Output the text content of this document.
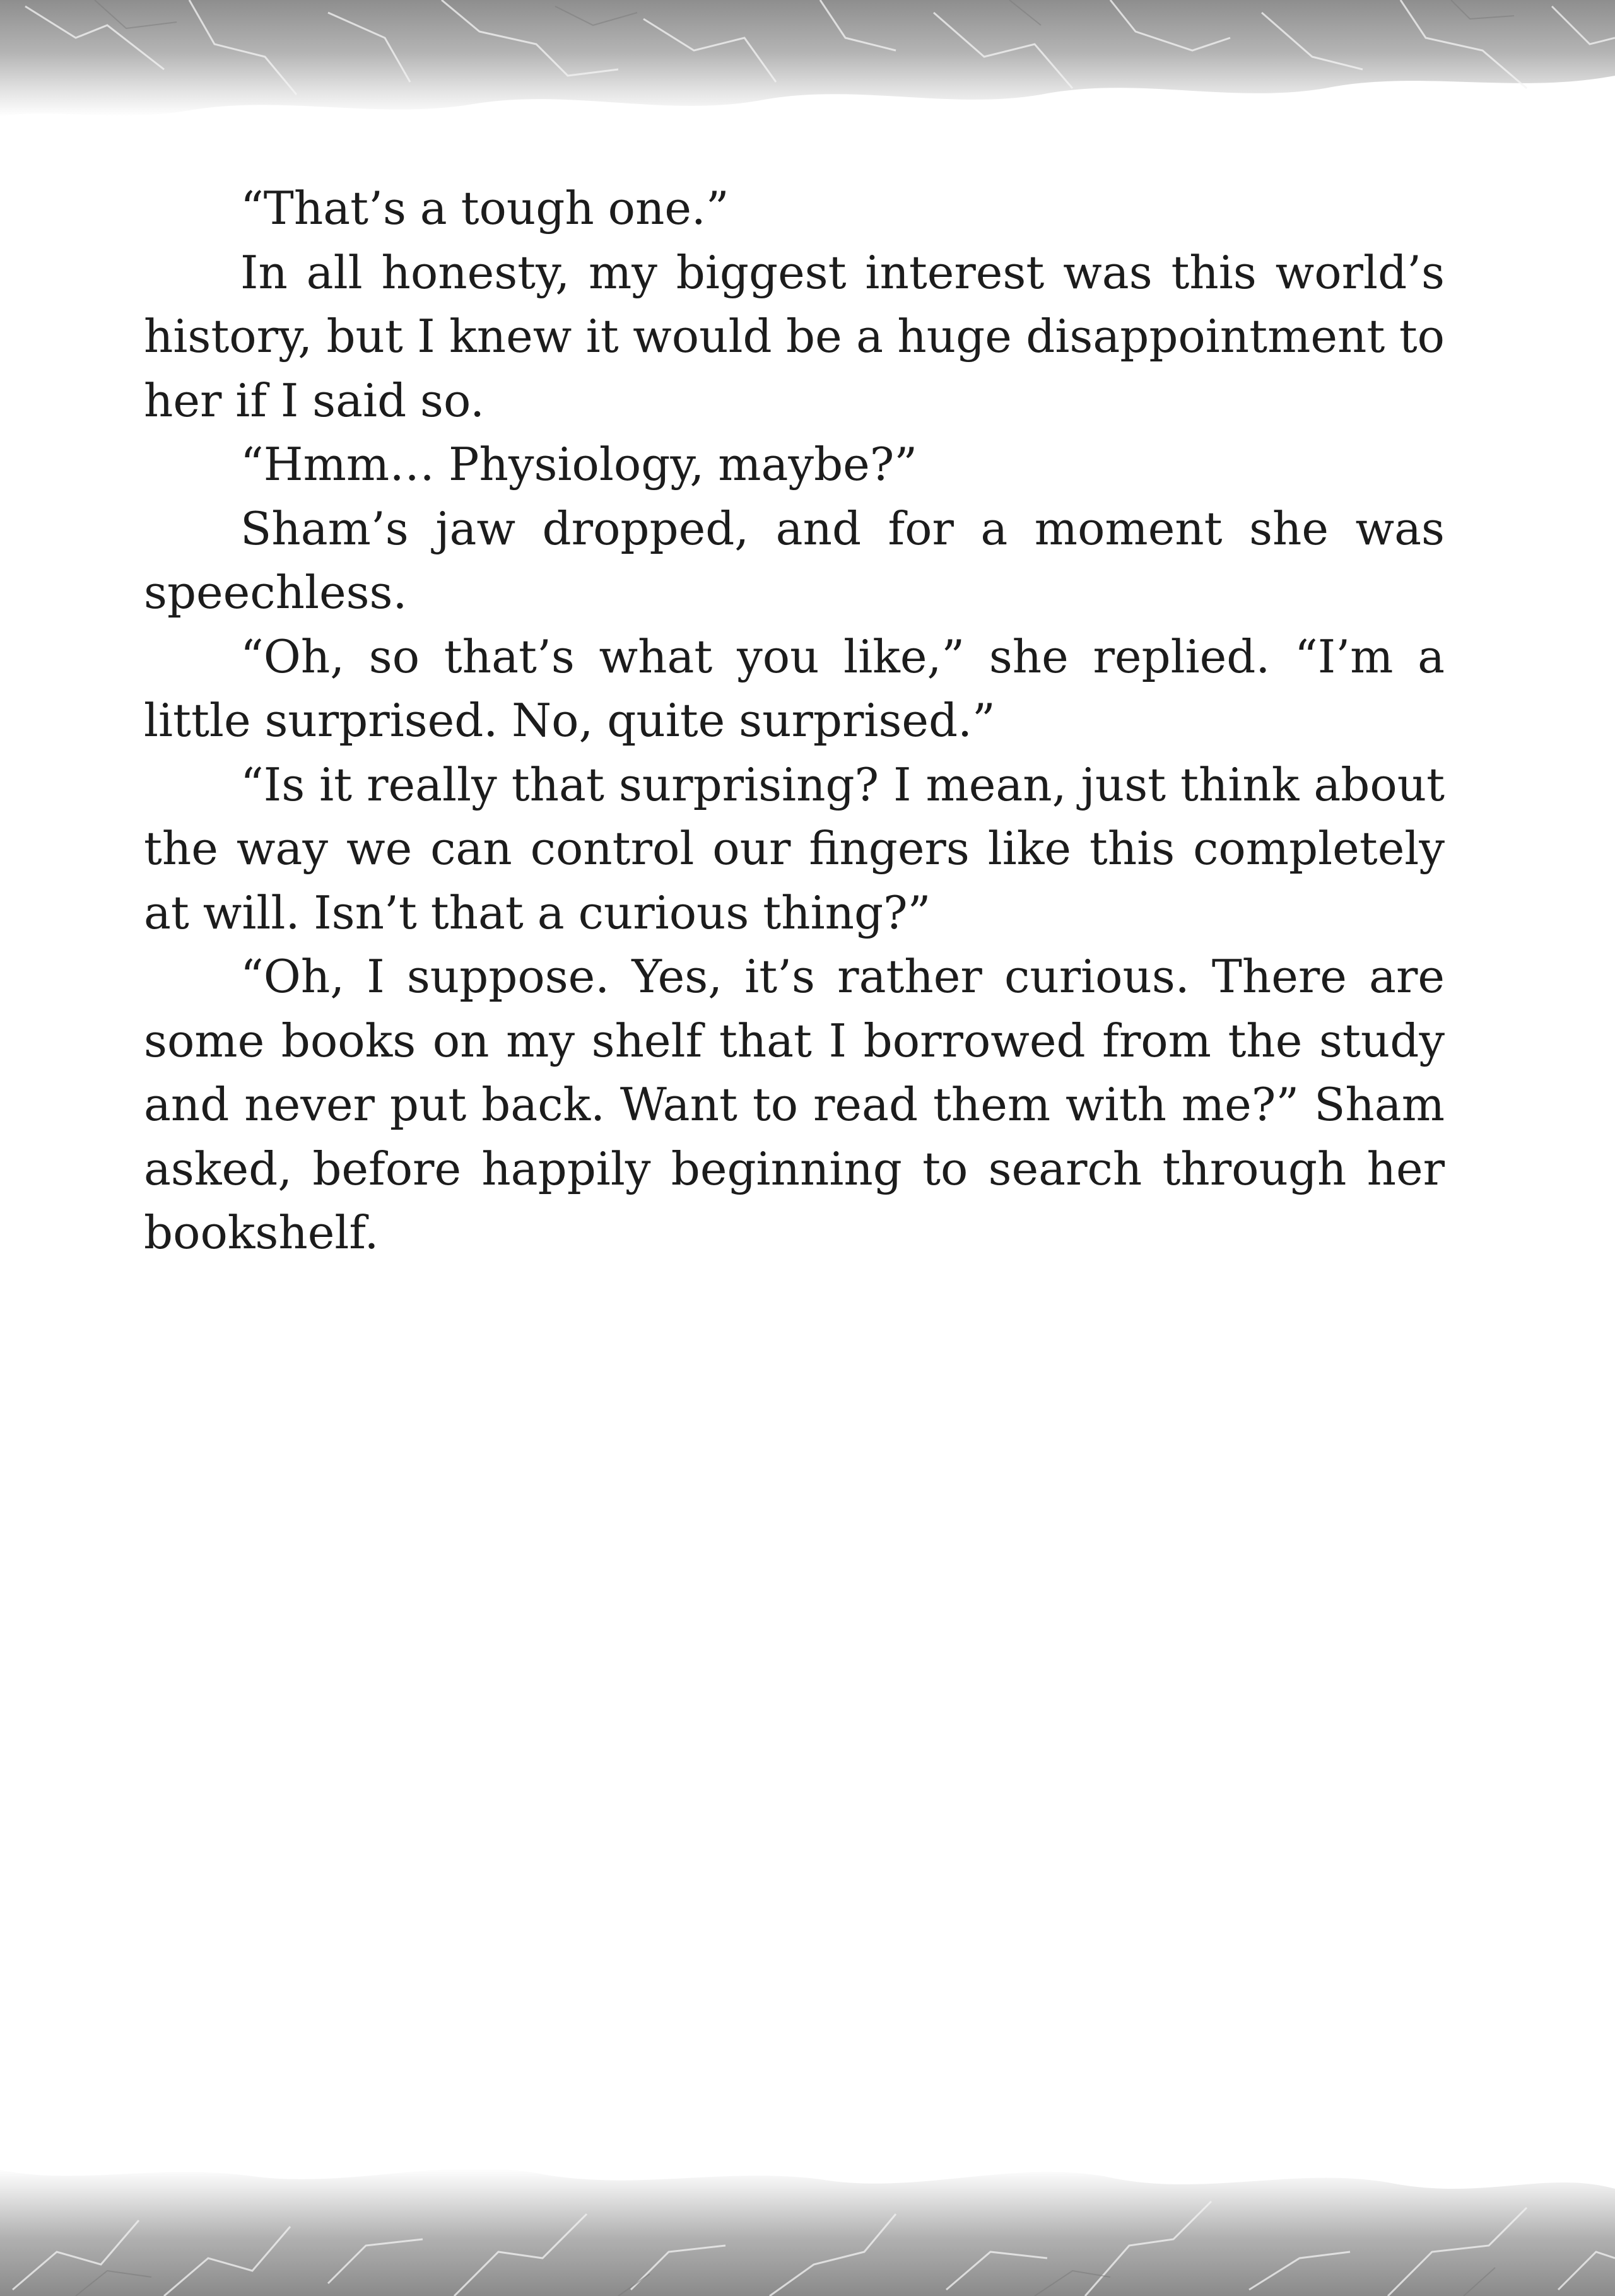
“That’s a tough one.”

In all honesty, my biggest interest was this world’s history, but I knew it would be a huge disappointment to her if I said so.

“Hmm… Physiology, maybe?”

Sham’s jaw dropped, and for a moment she was speechless.

“Oh, so that’s what you like,” she replied. “I’m a little surprised. No, quite surprised.”

“Is it really that surprising? I mean, just think about the way we can control our fingers like this completely at will. Isn’t that a curious thing?”

“Oh, I suppose. Yes, it’s rather curious. There are some books on my shelf that I borrowed from the study and never put back. Want to read them with me?” Sham asked, before happily beginning to search through her bookshelf.
